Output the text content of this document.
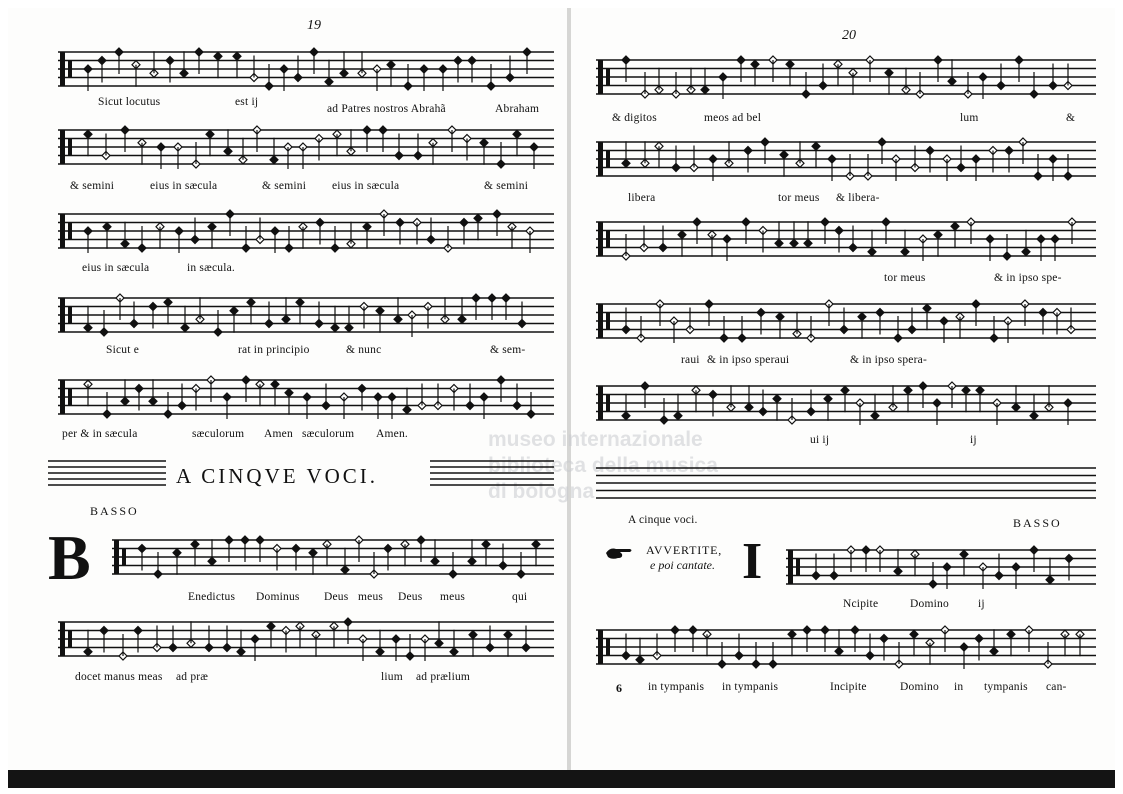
museo internazionale
biblioteca della musica
di bologna
19
20
Sicut locutus	est ij
ad Patres nostros Abrahã	Abraham
& semini	eius in sæcula	& semini eius in sæcula	& semini
eius in sæcula	in sæcula.
Sicut e	rat in principio	& nunc	& sem-
per & in sæcula	sæculorum Amen sæculorum Amen.
A CINQVE VOCI.
BASSO
B
Enedictus Dominus Deus meus Deus meus	qui
docet manus meas ad præ	lium ad prælium
& digitos	meos ad bel	lum	&
libera	tor meus & libera-
tor meus	& in ipso spe-
raui & in ipso speraui	& in ipso spera-
ui ij	ij
A cinque voci.	BASSO
AVVERTITE,
e poi cantate. I
Ncipite	Domino	ij
6 in tympanis in tympanis	Incipite	Domino in tympanis can-
